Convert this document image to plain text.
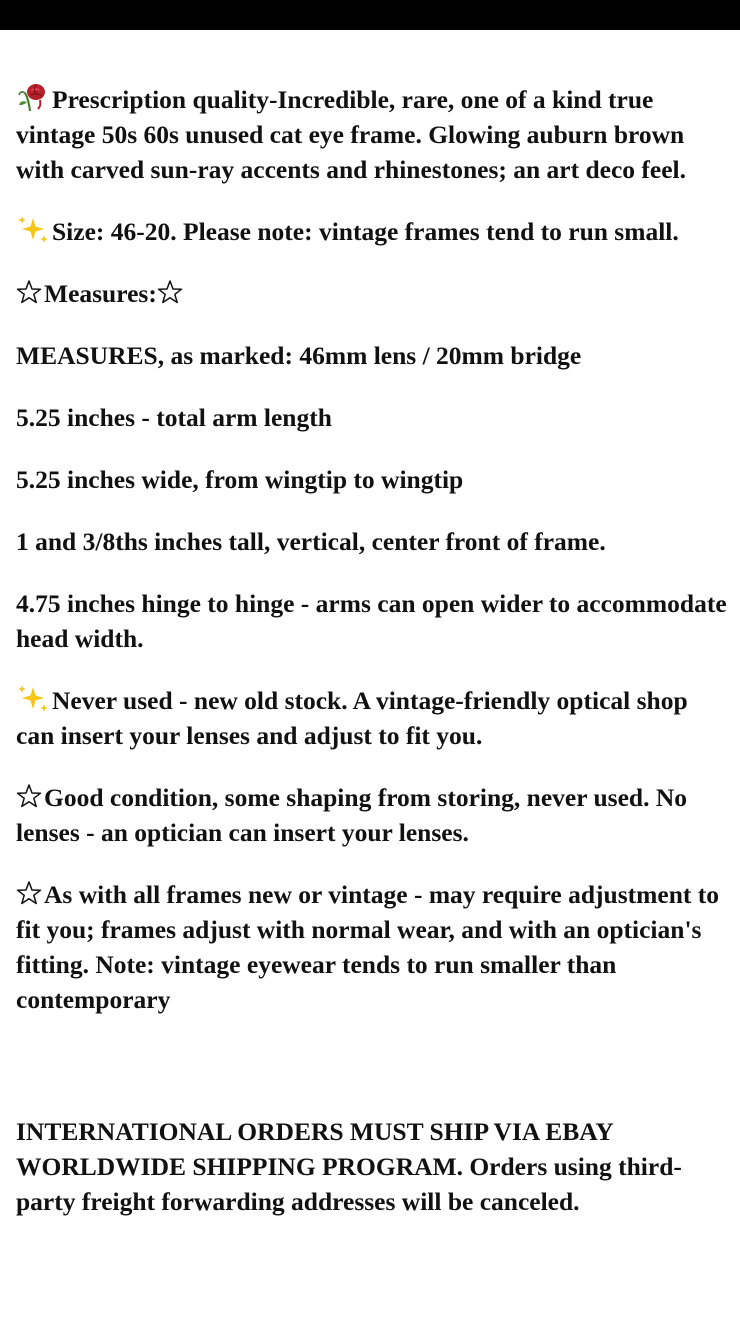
Prescription quality-Incredible, rare, one of a kind true vintage 50s 60s unused cat eye frame. Glowing auburn brown with carved sun-ray accents and rhinestones; an art deco feel.

Size: 46-20. Please note: vintage frames tend to run small.

Measures:

MEASURES, as marked: 46mm lens / 20mm bridge

5.25 inches - total arm length

5.25 inches wide, from wingtip to wingtip

1 and 3/8ths inches tall, vertical, center front of frame.

4.75 inches hinge to hinge - arms can open wider to accommodate head width.

Never used - new old stock. A vintage-friendly optical shop can insert your lenses and adjust to fit you.

Good condition, some shaping from storing, never used. No lenses - an optician can insert your lenses.

As with all frames new or vintage - may require adjustment to fit you; frames adjust with normal wear, and with an optician's fitting. Note: vintage eyewear tends to run smaller than contemporary

INTERNATIONAL ORDERS MUST SHIP VIA EBAY WORLDWIDE SHIPPING PROGRAM. Orders using third-party freight forwarding addresses will be canceled.
